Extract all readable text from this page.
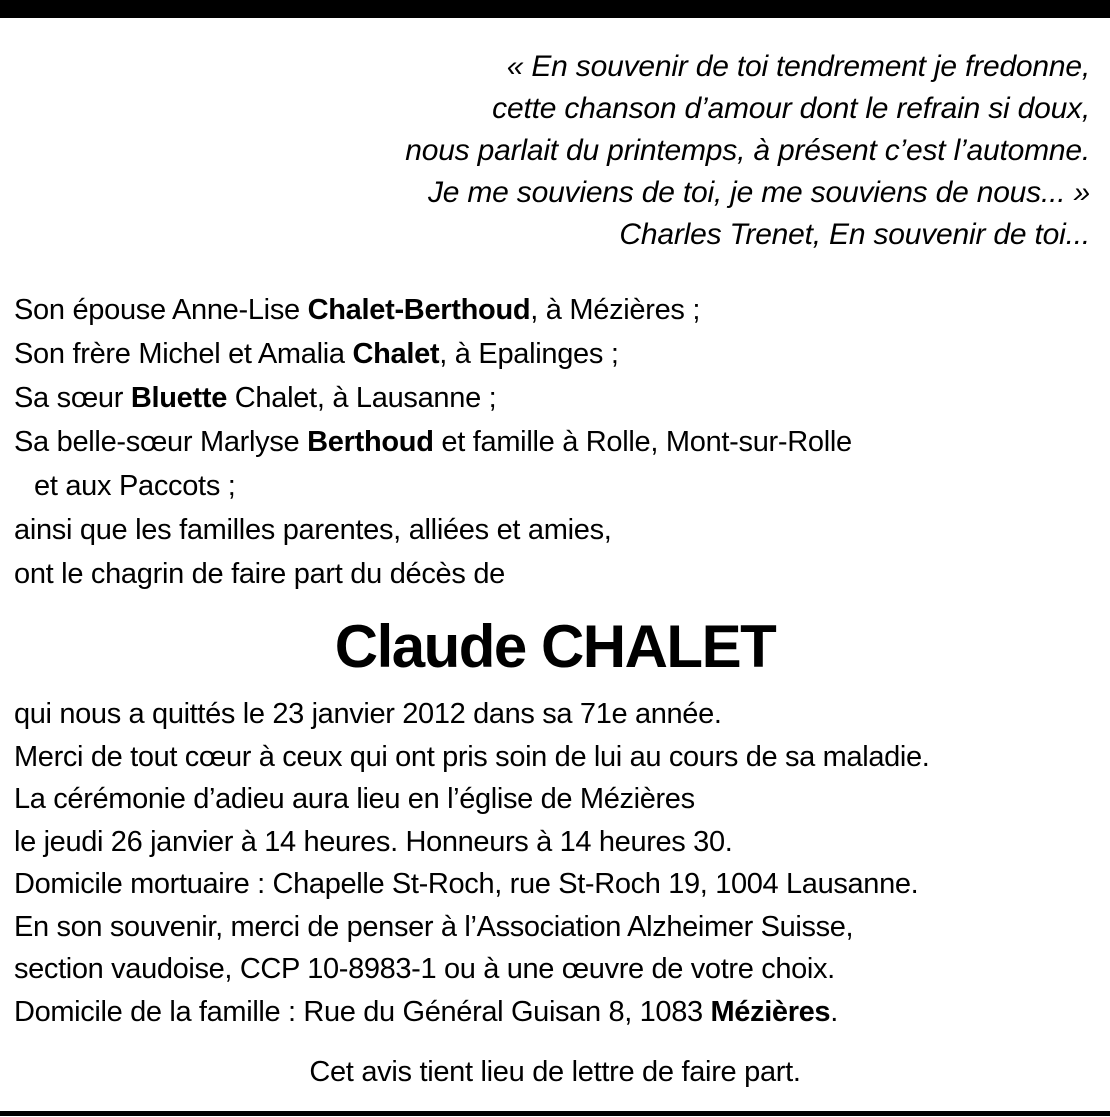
« En souvenir de toi tendrement je fredonne,
cette chanson d’amour dont le refrain si doux,
nous parlait du printemps, à présent c’est l’automne.
Je me souviens de toi, je me souviens de nous... »
Charles Trenet, En souvenir de toi...
Son épouse Anne-Lise Chalet-Berthoud, à Mézières ;
Son frère Michel et Amalia Chalet, à Epalinges ;
Sa sœur Bluette Chalet, à Lausanne ;
Sa belle-sœur Marlyse Berthoud et famille à Rolle, Mont-sur-Rolle
et aux Paccots ;
ainsi que les familles parentes, alliées et amies,
ont le chagrin de faire part du décès de
Claude CHALET
qui nous a quittés le 23 janvier 2012 dans sa 71e année.
Merci de tout cœur à ceux qui ont pris soin de lui au cours de sa maladie.
La cérémonie d’adieu aura lieu en l’église de Mézières
le jeudi 26 janvier à 14 heures. Honneurs à 14 heures 30.
Domicile mortuaire : Chapelle St-Roch, rue St-Roch 19, 1004 Lausanne.
En son souvenir, merci de penser à l’Association Alzheimer Suisse,
section vaudoise, CCP 10-8983-1 ou à une œuvre de votre choix.
Domicile de la famille : Rue du Général Guisan 8, 1083 Mézières.
Cet avis tient lieu de lettre de faire part.
